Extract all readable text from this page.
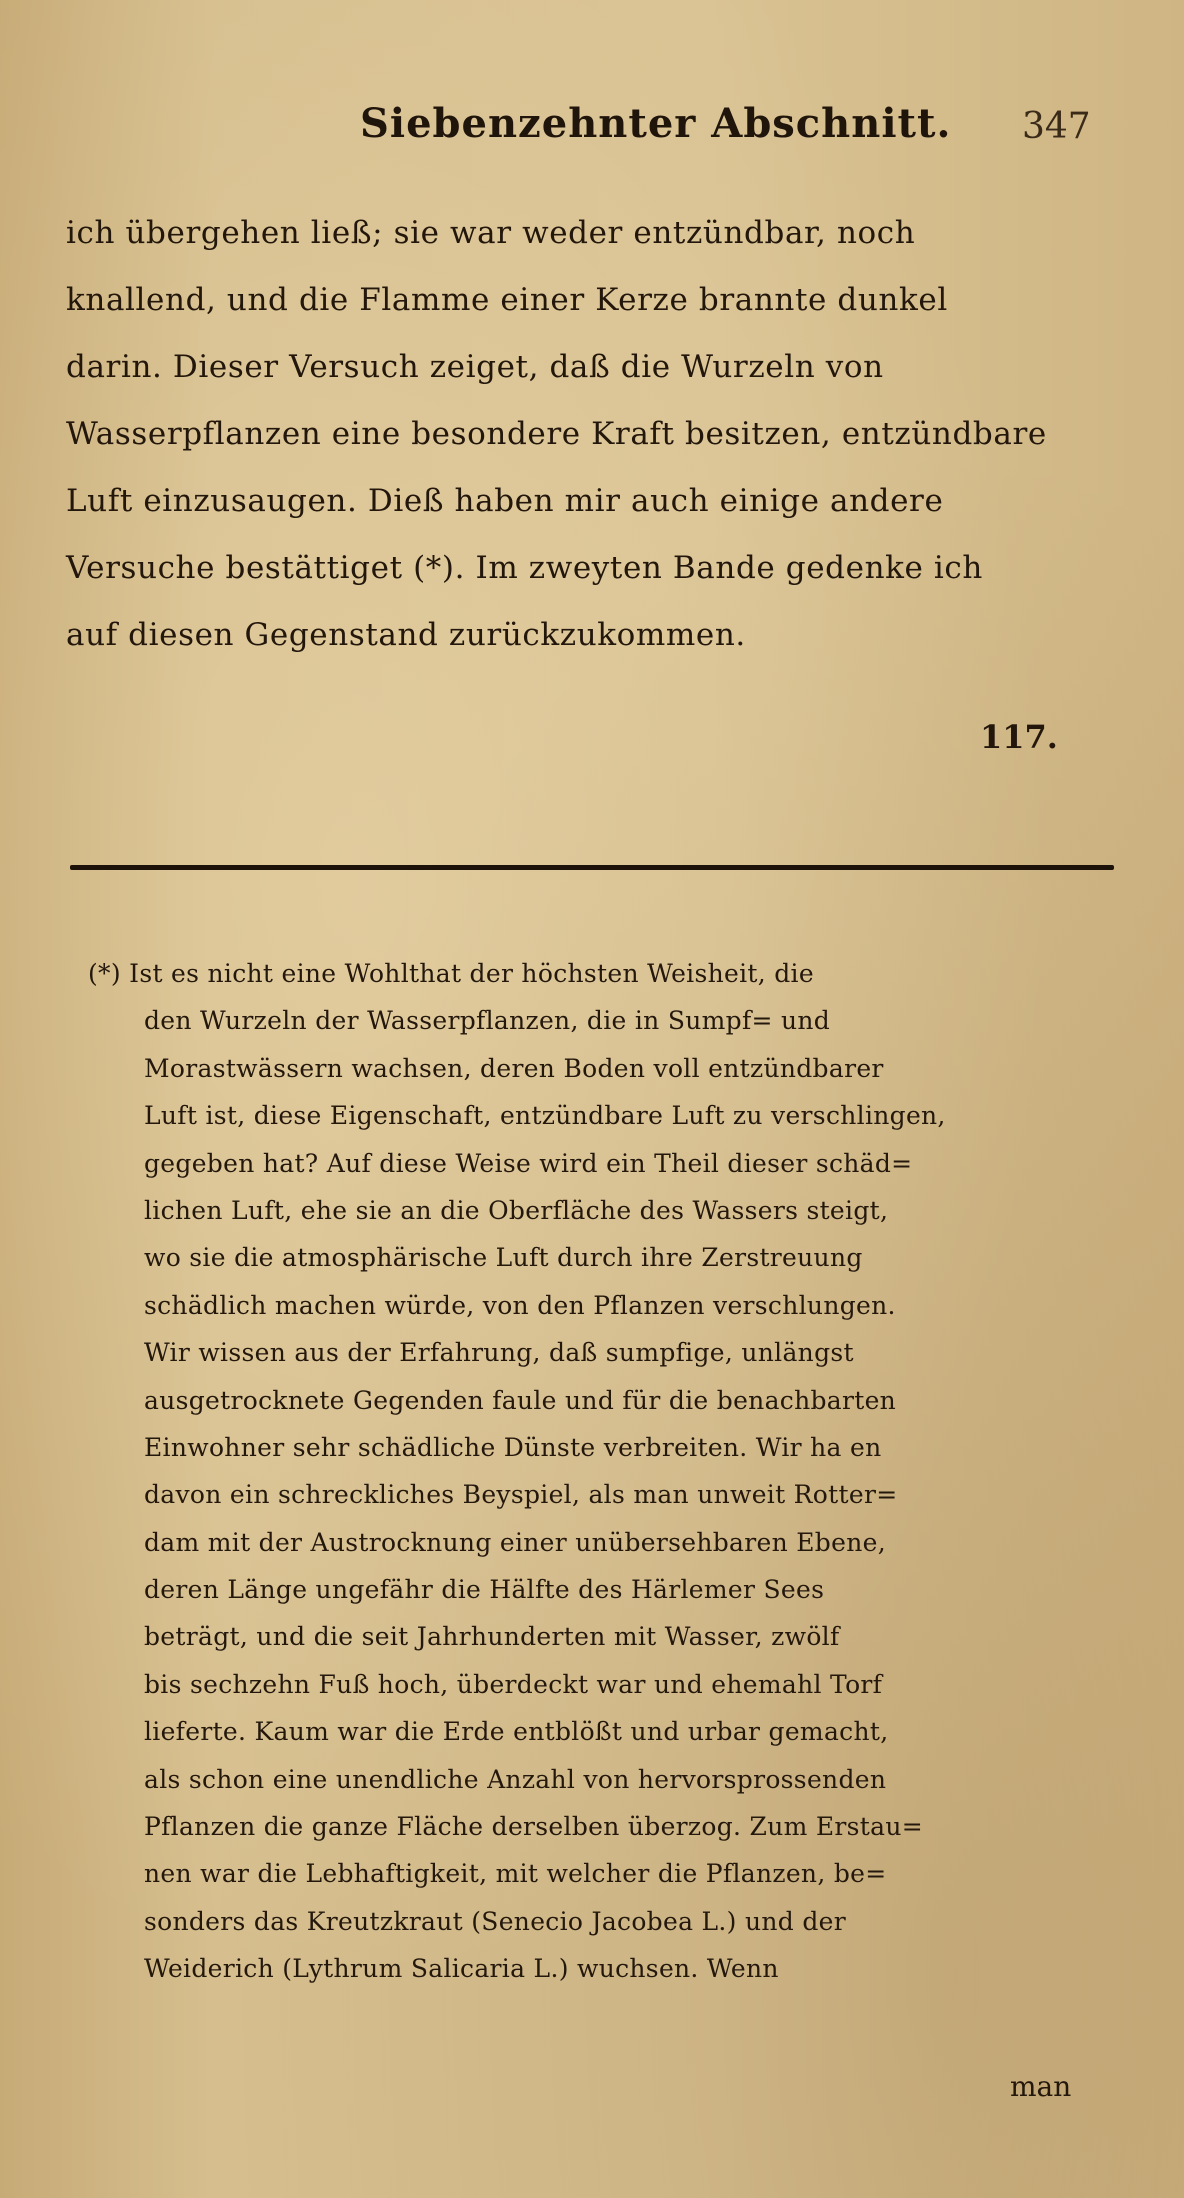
Siebenzehnter Abschnitt. 347
ich übergehen ließ; sie war weder entzündbar, noch
knallend, und die Flamme einer Kerze brannte dunkel
darin. Dieser Versuch zeiget, daß die Wurzeln von
Wasserpflanzen eine besondere Kraft besitzen, entzündbare
Luft einzusaugen. Dieß haben mir auch einige andere
Versuche bestättiget (*). Im zweyten Bande gedenke ich
auf diesen Gegenstand zurückzukommen.
117.
(*) Ist es nicht eine Wohlthat der höchsten Weisheit, die
den Wurzeln der Wasserpflanzen, die in Sumpf= und
Morastwässern wachsen, deren Boden voll entzündbarer
Luft ist, diese Eigenschaft, entzündbare Luft zu verschlingen,
gegeben hat? Auf diese Weise wird ein Theil dieser schäd=
lichen Luft, ehe sie an die Oberfläche des Wassers steigt,
wo sie die atmosphärische Luft durch ihre Zerstreuung
schädlich machen würde, von den Pflanzen verschlungen.
Wir wissen aus der Erfahrung, daß sumpfige, unlängst
ausgetrocknete Gegenden faule und für die benachbarten
Einwohner sehr schädliche Dünste verbreiten. Wir ha en
davon ein schreckliches Beyspiel, als man unweit Rotter=
dam mit der Austrocknung einer unübersehbaren Ebene,
deren Länge ungefähr die Hälfte des Härlemer Sees
beträgt, und die seit Jahrhunderten mit Wasser, zwölf
bis sechzehn Fuß hoch, überdeckt war und ehemahl Torf
lieferte. Kaum war die Erde entblößt und urbar gemacht,
als schon eine unendliche Anzahl von hervorsprossenden
Pflanzen die ganze Fläche derselben überzog. Zum Erstau=
nen war die Lebhaftigkeit, mit welcher die Pflanzen, be=
sonders das Kreutzkraut (Senecio Jacobea L.) und der
Weiderich (Lythrum Salicaria L.) wuchsen. Wenn
man
